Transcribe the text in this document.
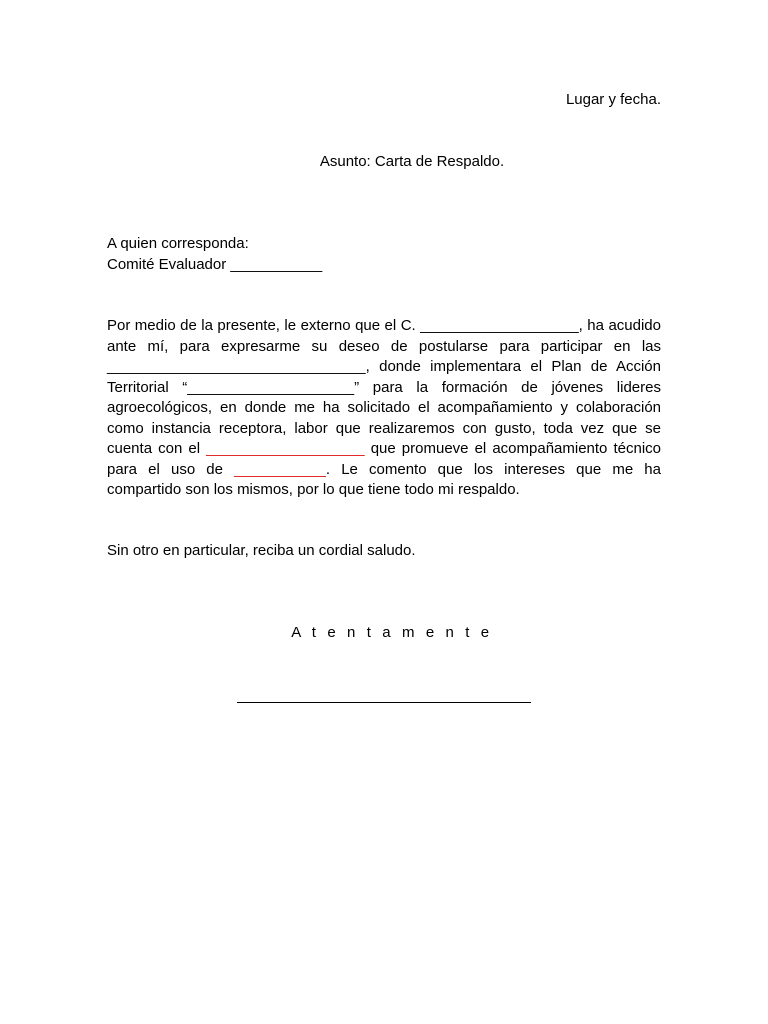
Lugar y fecha.
Asunto: Carta de Respaldo.
A quien corresponda:
Comité Evaluador ___________
Por medio de la presente, le externo que el C. ___________________, ha acudido
ante mí, para expresarme su deseo de postularse para participar en las
_______________________________, donde implementara el Plan de Acción
Territorial “____________________” para la formación de jóvenes lideres
agroecológicos, en donde me ha solicitado el acompañamiento y colaboración
como instancia receptora, labor que realizaremos con gusto, toda vez que se
cuenta con el ___________________ que promueve el acompañamiento técnico
para el uso de ___________. Le comento que los intereses que me ha
compartido son los mismos, por lo que tiene todo mi respaldo.
Sin otro en particular, reciba un cordial saludo.
A t e n t a m e n t e
